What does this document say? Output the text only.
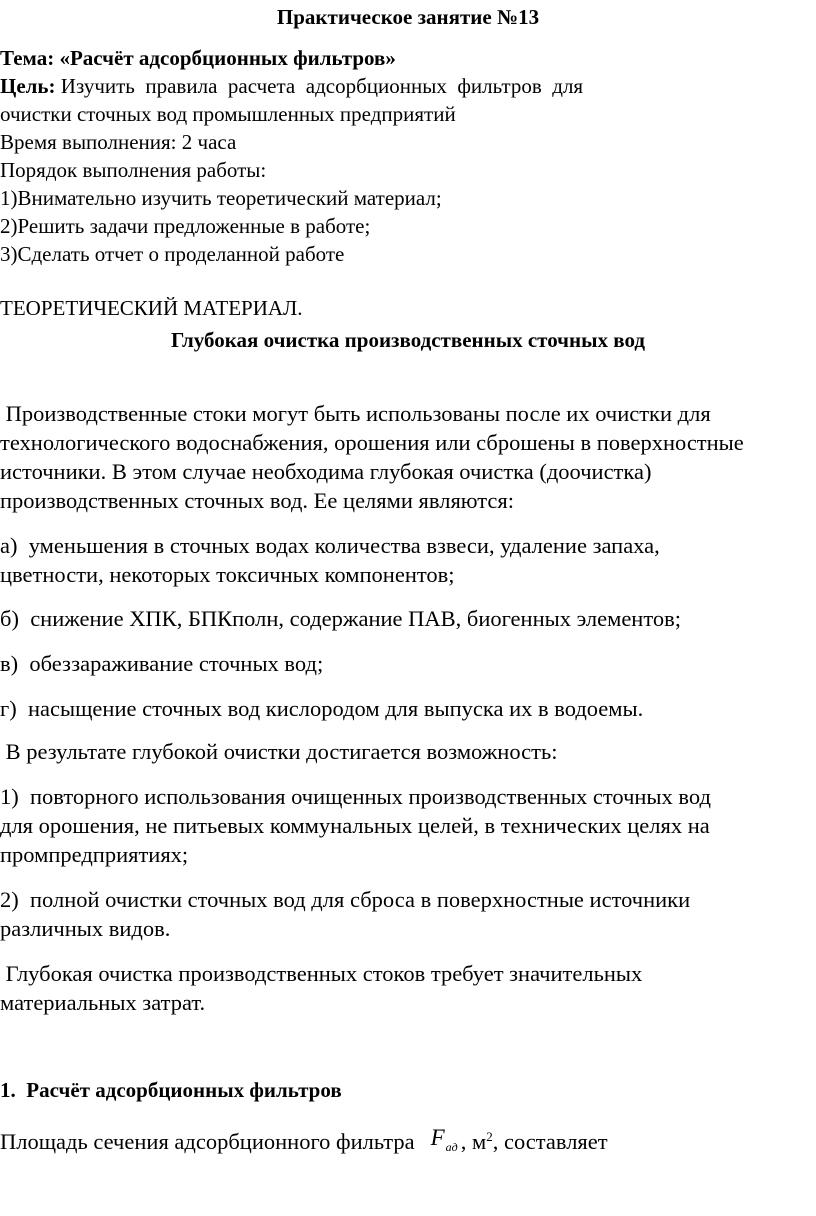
Практическое занятие №13
Тема: «Расчёт адсорбционных фильтров»
Цель: Изучить  правила  расчета  адсорбционных  фильтров  для
очистки сточных вод промышленных предприятий
Время выполнения: 2 часа
Порядок выполнения работы:
1)Внимательно изучить теоретический материал;
2)Решить задачи предложенные в работе;
3)Сделать отчет о проделанной работе
ТЕОРЕТИЧЕСКИЙ МАТЕРИАЛ.
Глубокая очистка производственных сточных вод
Производственные стоки могут быть использованы после их очистки для
технологического водоснабжения, орошения или сброшены в поверхностные
источники. В этом случае необходима глубокая очистка (доочистка)
производственных сточных вод. Ее целями являются:
а)  уменьшения в сточных водах количества взвеси, удаление запаха,
цветности, некоторых токсичных компонентов;
б)  снижение ХПК, БПКполн, содержание ПАВ, биогенных элементов;
в)  обеззараживание сточных вод;
г)  насыщение сточных вод кислородом для выпуска их в водоемы.
В результате глубокой очистки достигается возможность:
1)  повторного использования очищенных производственных сточных вод
для орошения, не питьевых коммунальных целей, в технических целях на
промпредприятиях;
2)  полной очистки сточных вод для сброса в поверхностные источники
различных видов.
Глубокая очистка производственных стоков требует значительных
материальных затрат.
1.  Расчёт адсорбционных фильтров
Площадь сечения адсорбционного фильтра $F_{ад}$ , $м^2$, составляет
